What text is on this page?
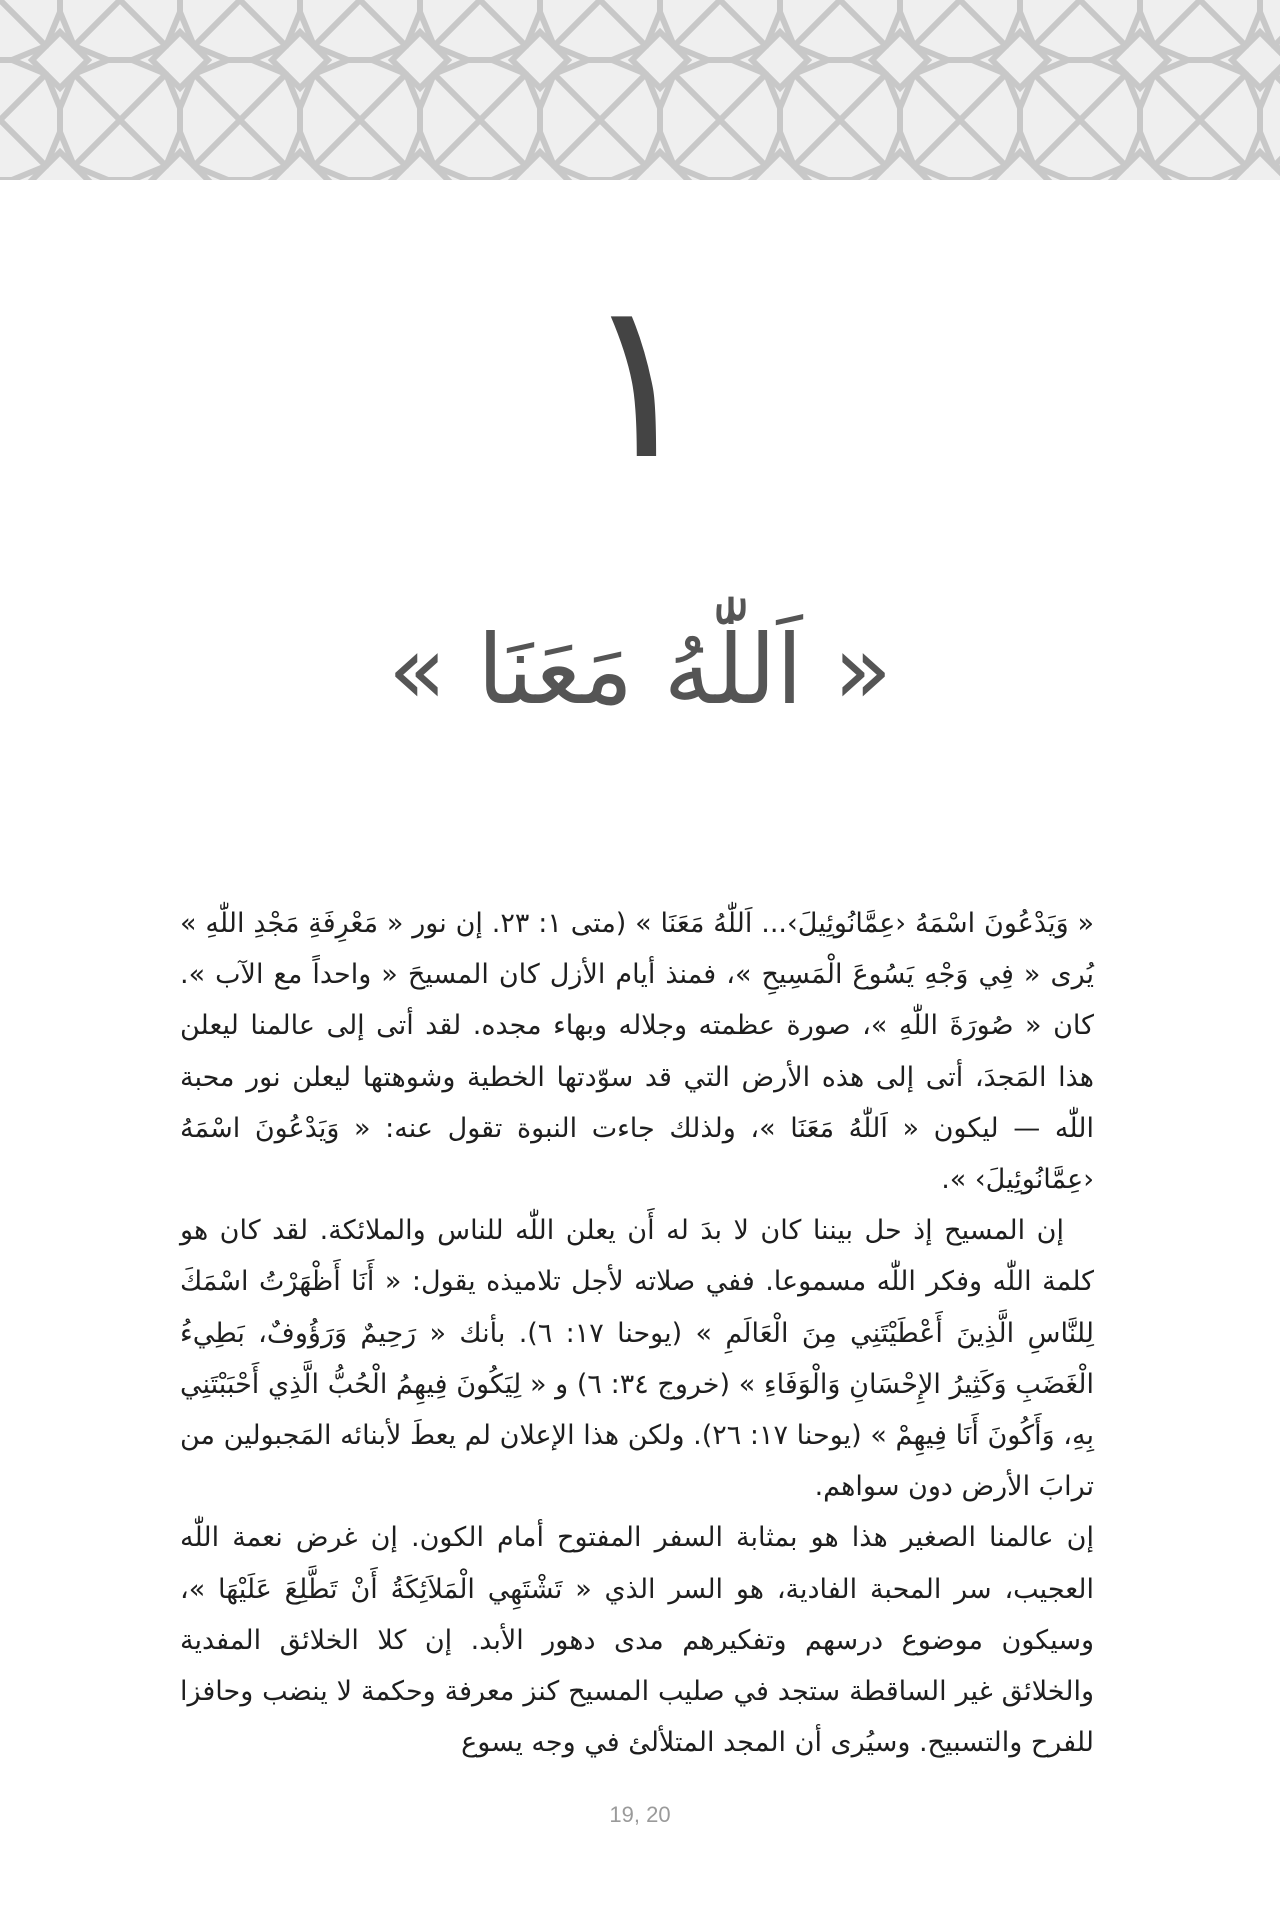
١
« اَللّٰهُ مَعَنَا »

« وَيَدْعُونَ اسْمَهُ ‹عِمَّانُوئِيلَ›... اَللّٰهُ مَعَنَا » (متى ١: ٢٣. إن نور « مَعْرِفَةِ مَجْدِ اللّٰهِ » يُرى « فِي وَجْهِ يَسُوعَ الْمَسِيحِ »، فمنذ أيام الأزل كان المسيحَ « واحداً مع الآب ». كان « صُورَةَ اللّٰهِ »، صورة عظمته وجلاله وبهاء مجده. لقد أتى إلى عالمنا ليعلن هذا المَجدَ، أتى إلى هذه الأرض التي قد سوّدتها الخطية وشوهتها ليعلن نور محبة اللّٰه — ليكون « اَللّٰهُ مَعَنَا »، ولذلك جاءت النبوة تقول عنه: « وَيَدْعُونَ اسْمَهُ ‹عِمَّانُوئِيلَ› ».

إن المسيح إذ حل بيننا كان لا بدَ له أَن يعلن اللّٰه للناس والملائكة. لقد كان هو كلمة اللّٰه وفكر اللّٰه مسموعا. ففي صلاته لأجل تلاميذه يقول: « أَنَا أَظْهَرْتُ اسْمَكَ لِلنَّاسِ الَّذِينَ أَعْطَيْتَنِي مِنَ الْعَالَمِ » (يوحنا ١٧: ٦). بأنك « رَحِيمٌ وَرَؤُوفٌ، بَطِيءُ الْغَضَبِ وَكَثِيرُ الإِحْسَانِ وَالْوَفَاءِ » (خروج ٣٤: ٦) و « لِيَكُونَ فِيهِمُ الْحُبُّ الَّذِي أَحْبَبْتَنِي بِهِ، وَأَكُونَ أَنَا فِيهِمْ » (يوحنا ١٧: ٢٦). ولكن هذا الإعلان لم يعطَ لأبنائه المَجبولين من ترابَ الأرض دون سواهم.

إن عالمنا الصغير هذا هو بمثابة السفر المفتوح أمام الكون. إن غرض نعمة اللّٰه العجيب، سر المحبة الفادية، هو السر الذي « تَشْتَهِي الْمَلاَئِكَةُ أَنْ تَطَّلِعَ عَلَيْهَا »، وسيكون موضوع درسهم وتفكيرهم مدى دهور الأبد. إن كلا الخلائق المفدية والخلائق غير الساقطة ستجد في صليب المسيح كنز معرفة وحكمة لا ينضب وحافزا للفرح والتسبيح. وسيُرى أن المجد المتلألئ في وجه يسوع

19, 20
